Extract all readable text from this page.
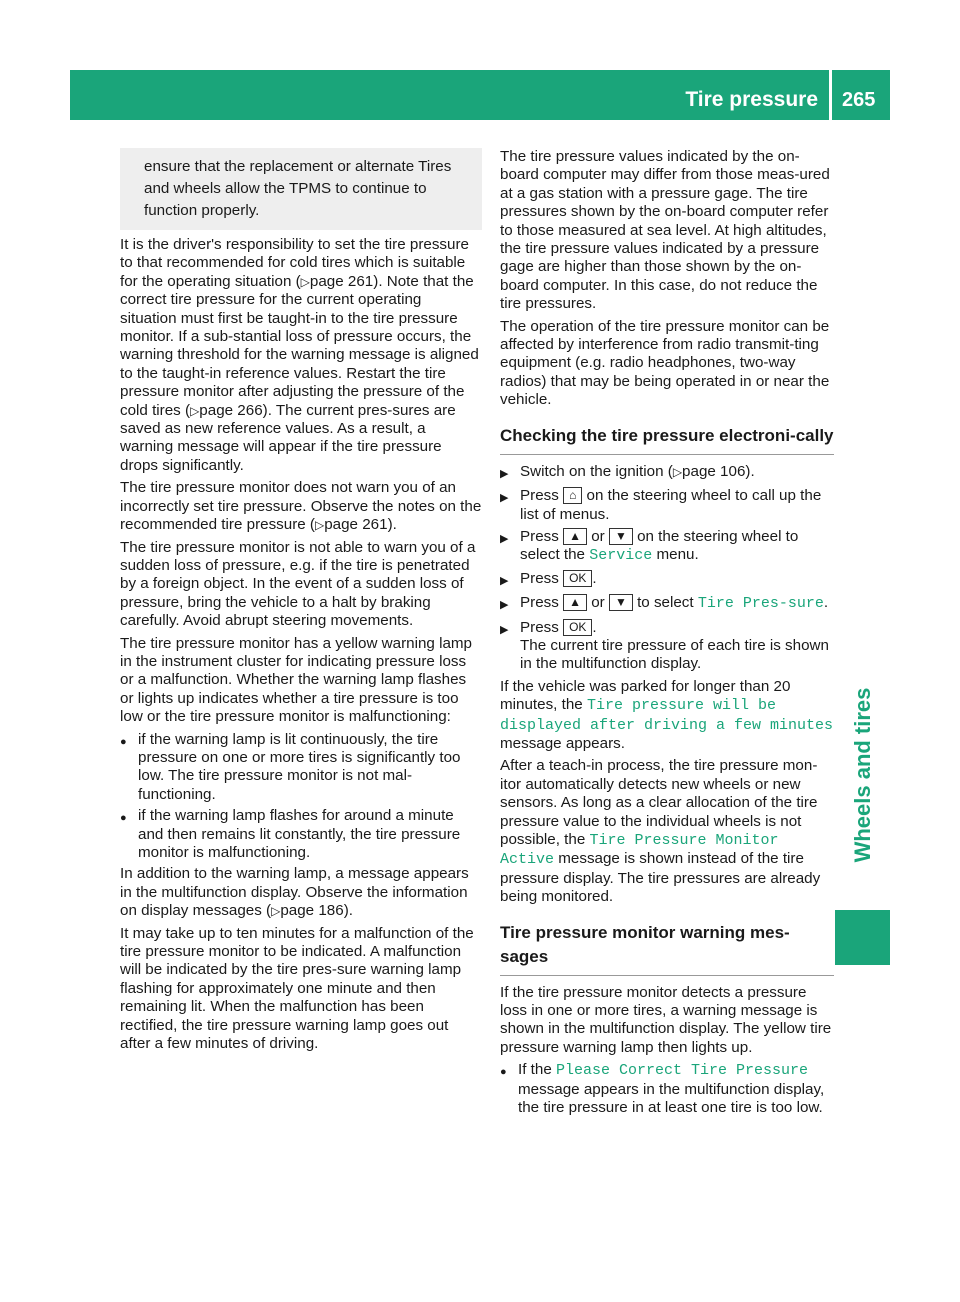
Tire pressure 265
Wheels and tires
ensure that the replacement or alternate Tires and wheels allow the TPMS to continue to function properly.

It is the driver's responsibility to set the tire pressure to that recommended for cold tires which is suitable for the operating situation (▷page 261). Note that the correct tire pressure for the current operating situation must first be taught-in to the tire pressure monitor. If a sub-stantial loss of pressure occurs, the warning threshold for the warning message is aligned to the taught-in reference values. Restart the tire pressure monitor after adjusting the pressure of the cold tires (▷page 266). The current pres-sures are saved as new reference values. As a result, a warning message will appear if the tire pressure drops significantly.

The tire pressure monitor does not warn you of an incorrectly set tire pressure. Observe the notes on the recommended tire pressure (▷page 261).

The tire pressure monitor is not able to warn you of a sudden loss of pressure, e.g. if the tire is penetrated by a foreign object. In the event of a sudden loss of pressure, bring the vehicle to a halt by braking carefully. Avoid abrupt steering movements.

The tire pressure monitor has a yellow warning lamp in the instrument cluster for indicating pressure loss or a malfunction. Whether the warning lamp flashes or lights up indicates whether a tire pressure is too low or the tire pressure monitor is malfunctioning:

● if the warning lamp is lit continuously, the tire pressure on one or more tires is significantly too low. The tire pressure monitor is not mal-functioning.
● if the warning lamp flashes for around a minute and then remains lit constantly, the tire pressure monitor is malfunctioning.

In addition to the warning lamp, a message appears in the multifunction display. Observe the information on display messages (▷page 186).

It may take up to ten minutes for a malfunction of the tire pressure monitor to be indicated. A malfunction will be indicated by the tire pres-sure warning lamp flashing for approximately one minute and then remaining lit. When the malfunction has been rectified, the tire pressure warning lamp goes out after a few minutes of driving.

The tire pressure values indicated by the on-board computer may differ from those meas-ured at a gas station with a pressure gage. The tire pressures shown by the on-board computer refer to those measured at sea level. At high altitudes, the tire pressure values indicated by a pressure gage are higher than those shown by the on-board computer. In this case, do not reduce the tire pressures.

The operation of the tire pressure monitor can be affected by interference from radio transmit-ting equipment (e.g. radio headphones, two-way radios) that may be being operated in or near the vehicle.

Checking the tire pressure electroni-cally
▶ Switch on the ignition (▷page 106).
▶ Press ⌂ on the steering wheel to call up the list of menus.
▶ Press ▲ or ▼ on the steering wheel to select the Service menu.
▶ Press OK .
▶ Press ▲ or ▼ to select Tire Pres-sure.
▶ Press OK .
The current tire pressure of each tire is shown in the multifunction display.

If the vehicle was parked for longer than 20 minutes, the Tire pressure will be displayed after driving a few minutes message appears.

After a teach-in process, the tire pressure mon-itor automatically detects new wheels or new sensors. As long as a clear allocation of the tire pressure value to the individual wheels is not possible, the Tire Pressure Monitor Active message is shown instead of the tire pressure display. The tire pressures are already being monitored.

Tire pressure monitor warning mes-sages

If the tire pressure monitor detects a pressure loss in one or more tires, a warning message is shown in the multifunction display. The yellow tire pressure warning lamp then lights up.

● If the Please Correct Tire Pressure message appears in the multifunction display, the tire pressure in at least one tire is too low.
